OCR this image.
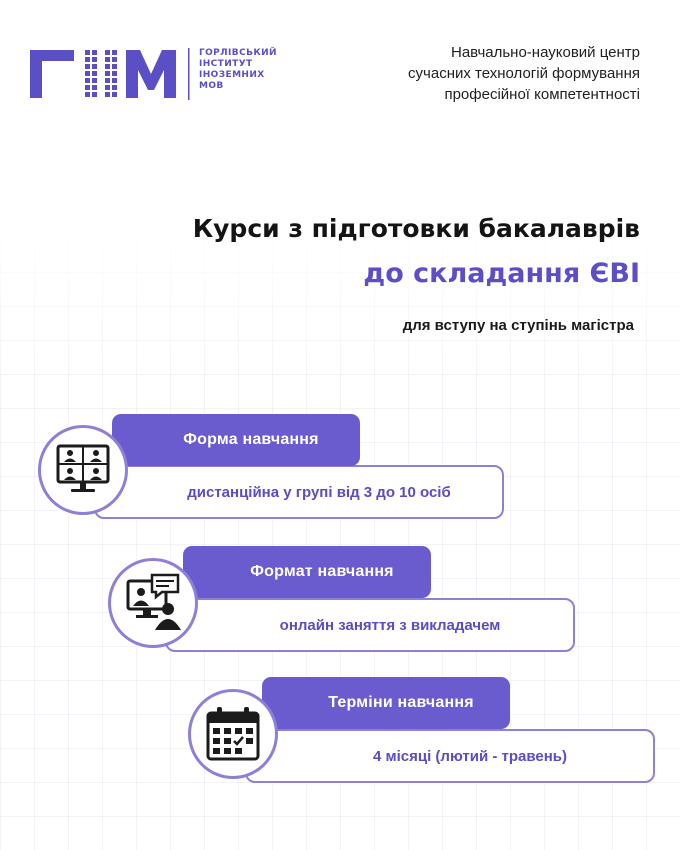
ГОРЛІВСЬКИЙ
ІНСТИТУТ
ІНОЗЕМНИХ
МОВ
Навчально-науковий центр
сучасних технологій формування
професійної компетентності
Курси з підготовки бакалаврів
до складання ЄВІ
для вступу на ступінь магістра
дистанційна у групі від 3 до 10 осіб
Форма навчання
онлайн заняття з викладачем
Формат навчання
4 місяці (лютий - травень)
Терміни навчання
